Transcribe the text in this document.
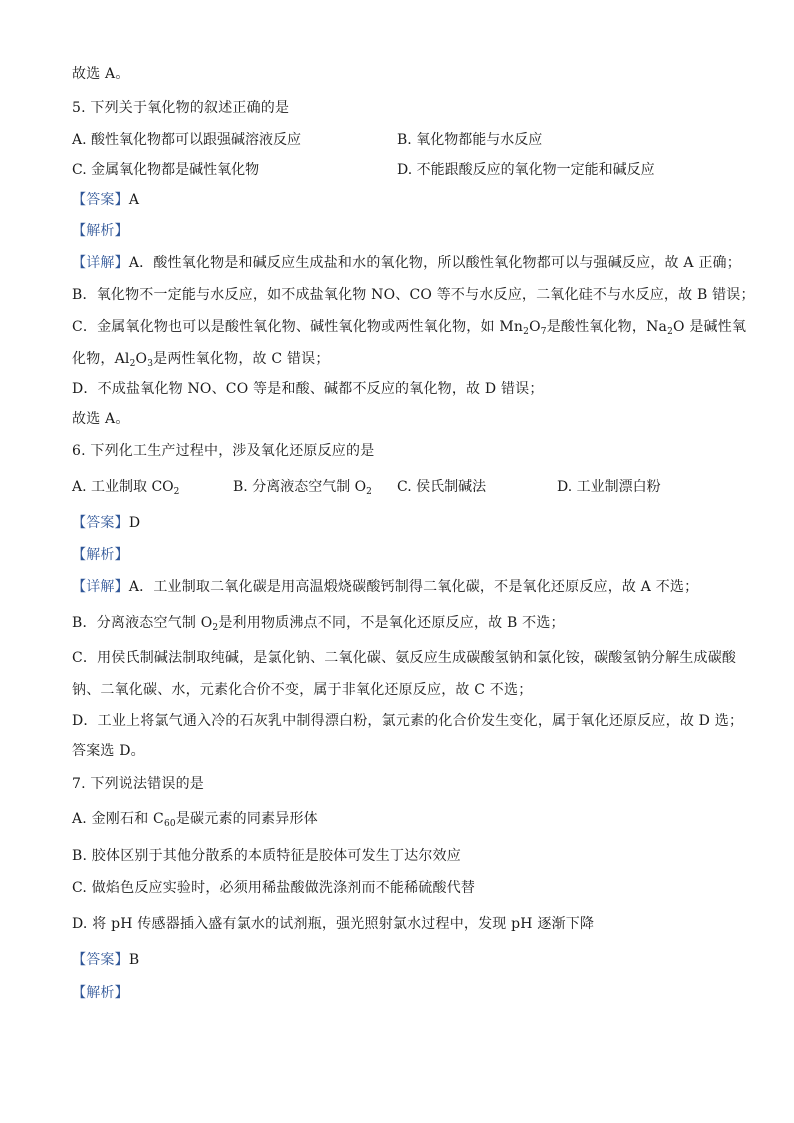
故选 A。
5. 下列关于氧化物的叙述正确的是
A. 酸性氧化物都可以跟强碱溶液反应	B. 氧化物都能与水反应
C. 金属氧化物都是碱性氧化物	D. 不能跟酸反应的氧化物一定能和碱反应
【答案】A
【解析】
【详解】A．酸性氧化物是和碱反应生成盐和水的氧化物，所以酸性氧化物都可以与强碱反应，故 A 正确；
B．氧化物不一定能与水反应，如不成盐氧化物 NO、CO 等不与水反应，二氧化硅不与水反应，故 B 错误；
C．金属氧化物也可以是酸性氧化物、碱性氧化物或两性氧化物，如 $Mn_2O_7$是酸性氧化物，$Na_2O$ 是碱性氧
化物，$Al_2O_3$是两性氧化物，故 C 错误；
D．不成盐氧化物 NO、CO 等是和酸、碱都不反应的氧化物，故 D 错误；
故选 A。
6. 下列化工生产过程中，涉及氧化还原反应的是
A. 工业制取 $CO_2$	B. 分离液态空气制 $O_2$ C. 侯氏制碱法	D. 工业制漂白粉
【答案】D
【解析】
【详解】A．工业制取二氧化碳是用高温煅烧碳酸钙制得二氧化碳，不是氧化还原反应，故 A 不选；
B．分离液态空气制 $O_2$是利用物质沸点不同，不是氧化还原反应，故 B 不选；
C．用侯氏制碱法制取纯碱，是氯化钠、二氧化碳、氨反应生成碳酸氢钠和氯化铵，碳酸氢钠分解生成碳酸
钠、二氧化碳、水，元素化合价不变，属于非氧化还原反应，故 C 不选；
D．工业上将氯气通入冷的石灰乳中制得漂白粉，氯元素的化合价发生变化，属于氧化还原反应，故 D 选；
答案选 D。
7. 下列说法错误的是
A. 金刚石和 $C_{60}$是碳元素的同素异形体
B. 胶体区别于其他分散系的本质特征是胶体可发生丁达尔效应
C. 做焰色反应实验时，必须用稀盐酸做洗涤剂而不能稀硫酸代替
D. 将 pH 传感器插入盛有氯水的试剂瓶，强光照射氯水过程中，发现 pH 逐渐下降
【答案】B
【解析】
